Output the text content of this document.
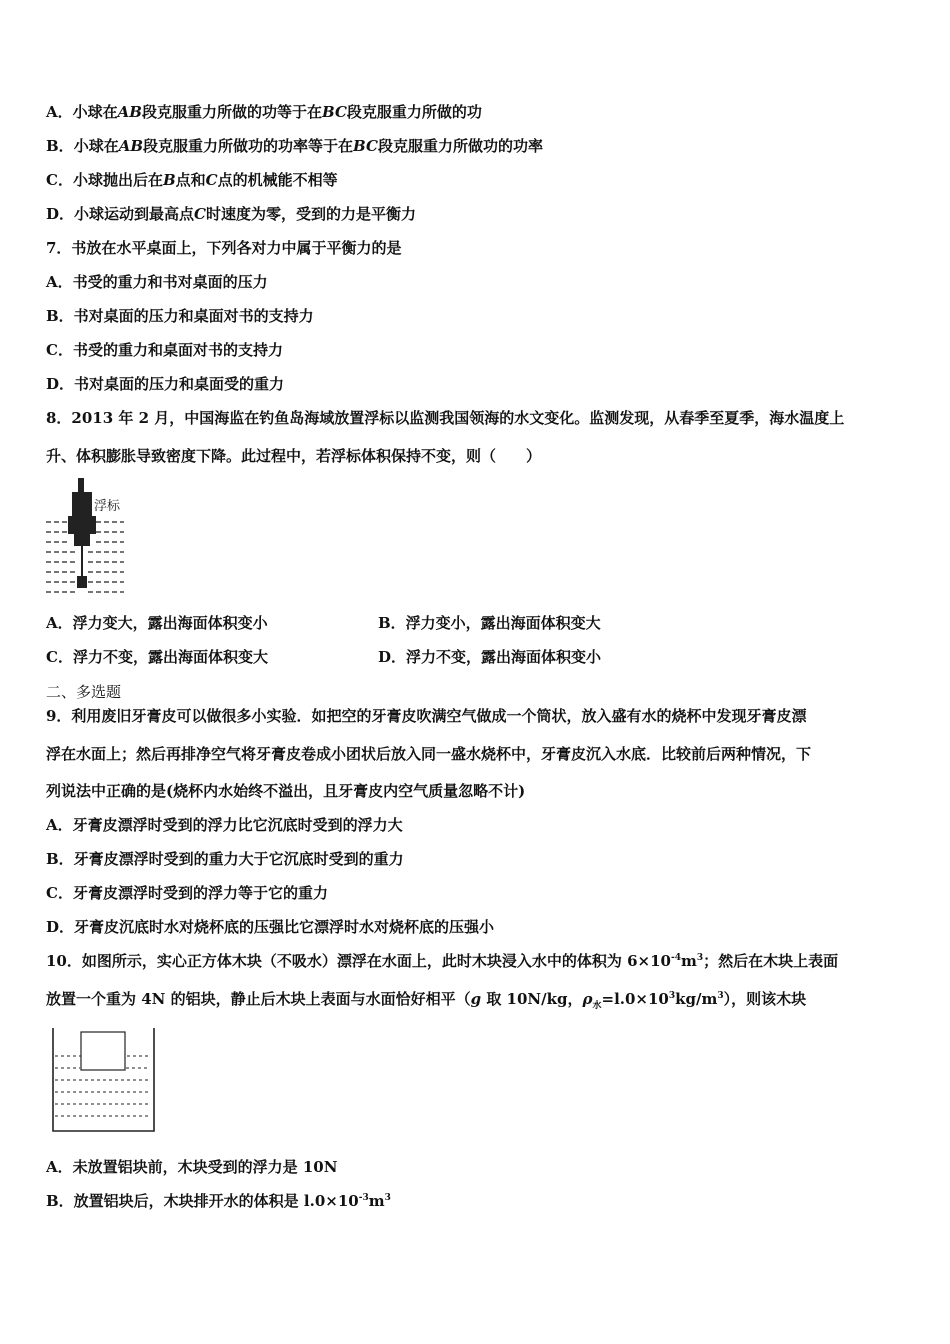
A．小球在AB段克服重力所做的功等于在BC段克服重力所做的功
B．小球在AB段克服重力所做功的功率等于在BC段克服重力所做功的功率
C．小球抛出后在B点和C点的机械能不相等
D．小球运动到最高点C时速度为零，受到的力是平衡力
7．书放在水平桌面上，下列各对力中属于平衡力的是
A．书受的重力和书对桌面的压力
B．书对桌面的压力和桌面对书的支持力
C．书受的重力和桌面对书的支持力
D．书对桌面的压力和桌面受的重力
8．2013 年 2 月，中国海监在钓鱼岛海域放置浮标以监测我国领海的水文变化。监测发现，从春季至夏季，海水温度上
升、体积膨胀导致密度下降。此过程中，若浮标体积保持不变，则（　　）
浮标
A．浮力变大，露出海面体积变小	B．浮力变小，露出海面体积变大
C．浮力不变，露出海面体积变大	D．浮力不变，露出海面体积变小
二、多选题
9．利用废旧牙膏皮可以做很多小实验．如把空的牙膏皮吹满空气做成一个筒状，放入盛有水的烧杯中发现牙膏皮漂
浮在水面上；然后再排净空气将牙膏皮卷成小团状后放入同一盛水烧杯中，牙膏皮沉入水底．比较前后两种情况，下
列说法中正确的是(烧杯内水始终不溢出，且牙膏皮内空气质量忽略不计)
A．牙膏皮漂浮时受到的浮力比它沉底时受到的浮力大
B．牙膏皮漂浮时受到的重力大于它沉底时受到的重力
C．牙膏皮漂浮时受到的浮力等于它的重力
D．牙膏皮沉底时水对烧杯底的压强比它漂浮时水对烧杯底的压强小
10．如图所示，实心正方体木块（不吸水）漂浮在水面上，此时木块浸入水中的体积为 $6\times 10^{-4}m^3$；然后在木块上表面
放置一个重为 4N 的铝块，静止后木块上表面与水面恰好相平（g 取 10N/kg，$\rho_水=l.0\times 10^3kg/m^3$），则该木块
A．未放置铝块前，木块受到的浮力是 10N
B．放置铝块后，木块排开水的体积是 $l.0\times 10^{-3}m^3$
